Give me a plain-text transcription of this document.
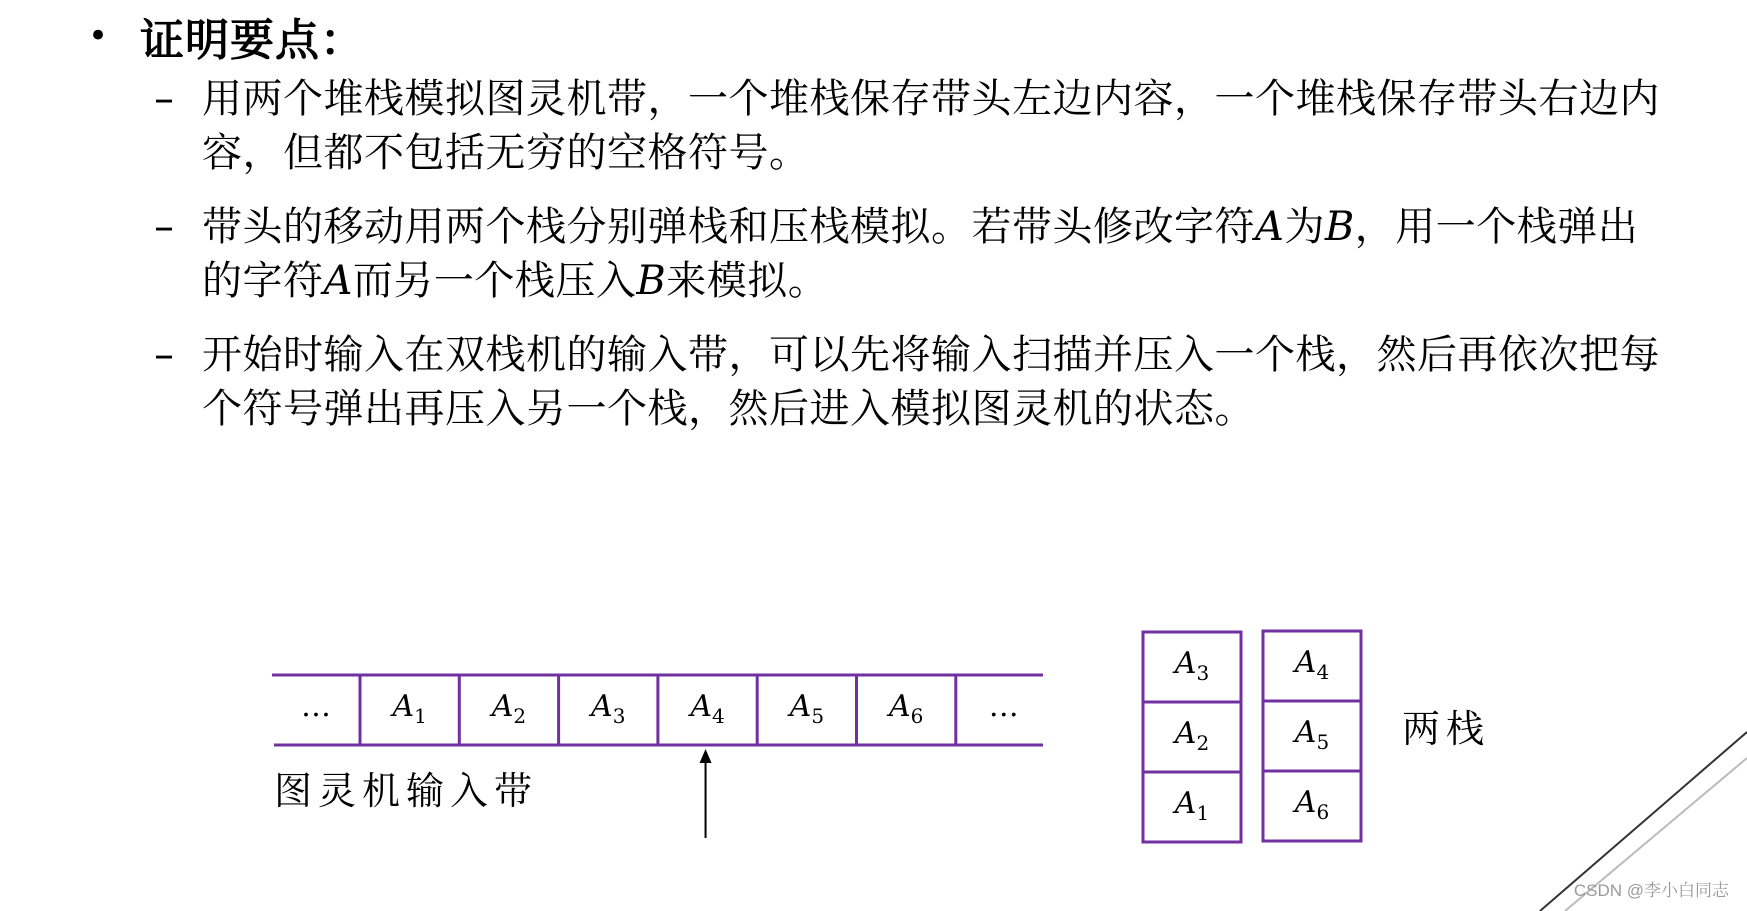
• 证明要点：
– 用两个堆栈模拟图灵机带，一个堆栈保存带头左边内容，一个堆栈保存带头右边内容，但都不包括无穷的空格符号。
– 带头的移动用两个栈分别弹栈和压栈模拟。若带头修改字符A为B，用一个栈弹出的字符A而另一个栈压入B来模拟。
– 开始时输入在双栈机的输入带，可以先将输入扫描并压入一个栈，然后再依次把每个符号弹出再压入另一个栈，然后进入模拟图灵机的状态。
… $A_1$ $A_2$ $A_3$ $A_4$ $A_5$ $A_6$ …
$A_3$
$A_2$
$A_1$
$A_4$
$A_5$
$A_6$
图灵机输入带
两栈
CSDN @李小白同志
